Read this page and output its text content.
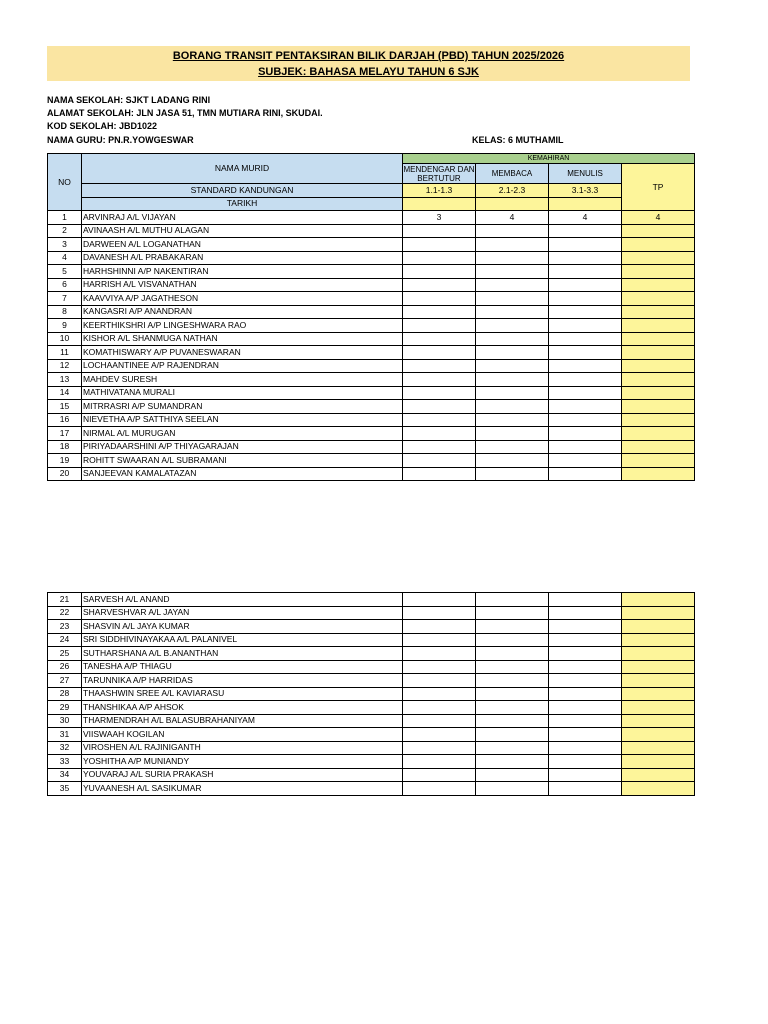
BORANG TRANSIT PENTAKSIRAN BILIK DARJAH (PBD) TAHUN 2025/2026
SUBJEK: BAHASA MELAYU TAHUN 6 SJK
NAMA SEKOLAH: SJKT LADANG RINI
ALAMAT SEKOLAH: JLN JASA 51, TMN MUTIARA RINI, SKUDAI.
KOD SEKOLAH: JBD1022
NAMA GURU: PN.R.YOWGESWAR	KELAS: 6 MUTHAMIL
NO	NAMA MURID	KEMAHIRAN			
		MENDENGAR DAN BERTUTUR	MEMBACA	MENULIS	TP
	STANDARD KANDUNGAN	1.1-1.3	2.1-2.3	3.1-3.3	
	TARIKH				
1	ARVINRAJ A/L VIJAYAN	3	4	4	4
2	AVINAASH A/L MUTHU ALAGAN				
3	DARWEEN A/L LOGANATHAN				
4	DAVANESH A/L PRABAKARAN				
5	HARHSHINNI A/P NAKENTIRAN				
6	HARRISH A/L VISVANATHAN				
7	KAAVVIYA A/P JAGATHESON				
8	KANGASRI A/P ANANDRAN				
9	KEERTHIKSHRI A/P LINGESHWARA RAO				
10	KISHOR A/L SHANMUGA NATHAN				
11	KOMATHISWARY A/P PUVANESWARAN				
12	LOCHAANTINEE A/P RAJENDRAN				
13	MAHDEV SURESH				
14	MATHIVATANA MURALI				
15	MITRRASRI A/P SUMANDRAN				
16	NIEVETHA A/P SATTHIYA SEELAN				
17	NIRMAL A/L MURUGAN				
18	PIRIYADAARSHINI A/P THIYAGARAJAN				
19	ROHITT SWAARAN A/L SUBRAMANI				
20	SANJEEVAN KAMALATAZAN				
21	SARVESH A/L ANAND				
22	SHARVESHVAR A/L JAYAN				
23	SHASVIN A/L JAYA KUMAR				
24	SRI SIDDHIVINAYAKAA A/L PALANIVEL				
25	SUTHARSHANA A/L B.ANANTHAN				
26	TANESHA A/P THIAGU				
27	TARUNNIKA A/P HARRIDAS				
28	THAASHWIN SREE A/L KAVIARASU				
29	THANSHIKAA A/P AHSOK				
30	THARMENDRAH A/L BALASUBRAHANIYAM				
31	VIISWAAH KOGILAN				
32	VIROSHEN A/L RAJINIGANTH				
33	YOSHITHA A/P MUNIANDY				
34	YOUVARAJ A/L SURIA PRAKASH				
35	YUVAANESH A/L SASIKUMAR				
